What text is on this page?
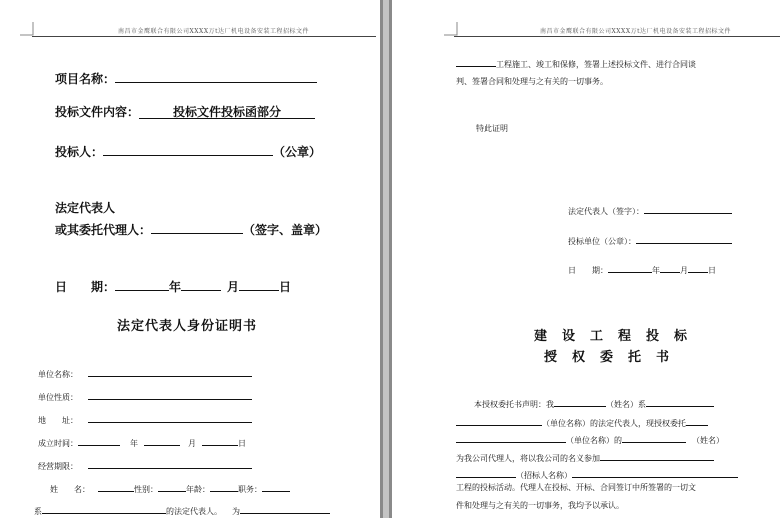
南昌市金鹰联合有限公司XXXX万t达厂机电设备安装工程招标文件
项目名称：
投标文件内容：	投标文件投标函部分
投标人：	（公章）
法定代表人
或其委托代理人：	（签字、盖章）
日　　期：	年	月	日
法定代表人身份证明书
单位名称：
单位性质：
地　　址：
成立时间：	年	月	日
经营期限：
姓　　名：	性别：	年龄：	职务：
系	的法定代表人。 为
南昌市金鹰联合有限公司XXXX万t达厂机电设备安装工程招标文件
工程施工、竣工和保修，签署上述投标文件、进行合同谈
判、签署合同和处理与之有关的一切事务。
特此证明
法定代表人（签字）：
投标单位（公章）：
日　　期：	年	月	日
建　设　工　程　投　标
授　权　委　托　书
本授权委托书声明：我	（姓名）系
（单位名称）的法定代表人，现授权委托
（单位名称）的	（姓名）
为我公司代理人，将以我公司的名义参加
（招标人名称）
工程的投标活动。代理人在投标、开标、合同签订中所签署的一切文
件和处理与之有关的一切事务，我均予以承认。
